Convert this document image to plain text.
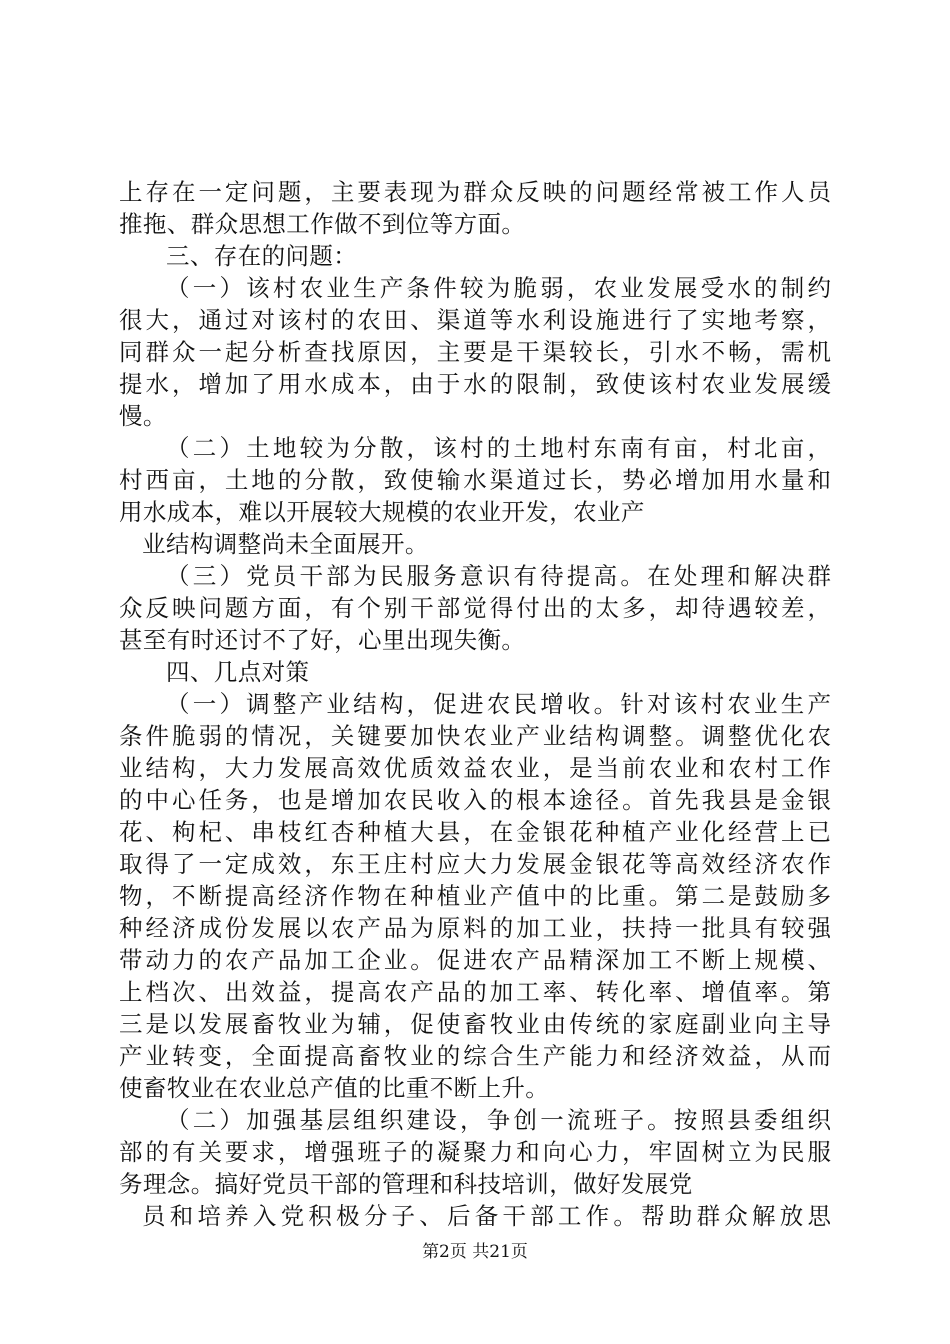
上存在一定问题，主要表现为群众反映的问题经常被工作人员
推拖、群众思想工作做不到位等方面。
三、存在的问题：
（一）该村农业生产条件较为脆弱，农业发展受水的制约
很大，通过对该村的农田、渠道等水利设施进行了实地考察，
同群众一起分析查找原因，主要是干渠较长，引水不畅，需机
提水，增加了用水成本，由于水的限制，致使该村农业发展缓
慢。
（二）土地较为分散，该村的土地村东南有亩，村北亩，
村西亩，土地的分散，致使输水渠道过长，势必增加用水量和
用水成本，难以开展较大规模的农业开发，农业产
业结构调整尚未全面展开。
（三）党员干部为民服务意识有待提高。在处理和解决群
众反映问题方面，有个别干部觉得付出的太多，却待遇较差，
甚至有时还讨不了好，心里出现失衡。
四、几点对策
（一）调整产业结构，促进农民增收。针对该村农业生产
条件脆弱的情况，关键要加快农业产业结构调整。调整优化农
业结构，大力发展高效优质效益农业，是当前农业和农村工作
的中心任务，也是增加农民收入的根本途径。首先我县是金银
花、枸杞、串枝红杏种植大县，在金银花种植产业化经营上已
取得了一定成效，东王庄村应大力发展金银花等高效经济农作
物，不断提高经济作物在种植业产值中的比重。第二是鼓励多
种经济成份发展以农产品为原料的加工业，扶持一批具有较强
带动力的农产品加工企业。促进农产品精深加工不断上规模、
上档次、出效益，提高农产品的加工率、转化率、增值率。第
三是以发展畜牧业为辅，促使畜牧业由传统的家庭副业向主导
产业转变，全面提高畜牧业的综合生产能力和经济效益，从而
使畜牧业在农业总产值的比重不断上升。
（二）加强基层组织建设，争创一流班子。按照县委组织
部的有关要求，增强班子的凝聚力和向心力，牢固树立为民服
务理念。搞好党员干部的管理和科技培训，做好发展党
员和培养入党积极分子、后备干部工作。帮助群众解放思
第2页 共21页
